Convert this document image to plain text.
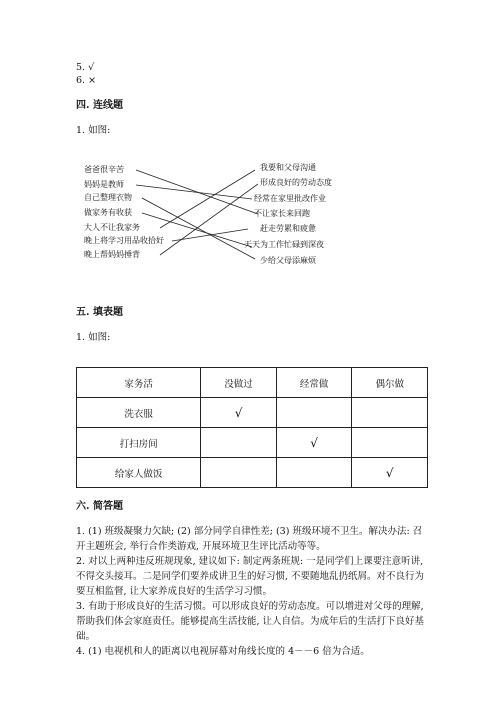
5. √
6. ×
四. 连线题
1. 如图:
爸爸很辛苦
妈妈是教师
自己整理衣物
做家务有收获
大人不让我家务
晚上将学习用品收拾好
晚上帮妈妈捶背
我要和父母沟通
形成良好的劳动态度
经常在家里批改作业
不让家长来回跑
赶走劳累和疲惫
天天为工作忙碌到深夜
少给父母添麻烦
五. 填表题
1. 如图:
家务活	没做过	经常做	偶尔做
洗衣服	√		
打扫房间		√	
给家人做饭			√
六. 简答题

1. (1) 班级凝聚力欠缺; (2) 部分同学自律性差; (3) 班级环境不卫生。解决办法: 召开主题班会, 举行合作类游戏, 开展环境卫生评比活动等等。

2. 对以上两种违反班规现象, 建议如下: 制定两条班规: 一是同学们上课要注意听讲, 不得交头接耳。二是同学们要养成讲卫生的好习惯, 不要随地乱扔纸屑。对不良行为要互相监督, 让大家养成良好的生活学习习惯。

3. 有助于形成良好的生活习惯。可以形成良好的劳动态度。可以增进对父母的理解, 帮助我们体会家庭责任。能够提高生活技能, 让人自信。为成年后的生活打下良好基础。

4. (1) 电视机和人的距离以电视屏幕对角线长度的 4－－6 倍为合适。
